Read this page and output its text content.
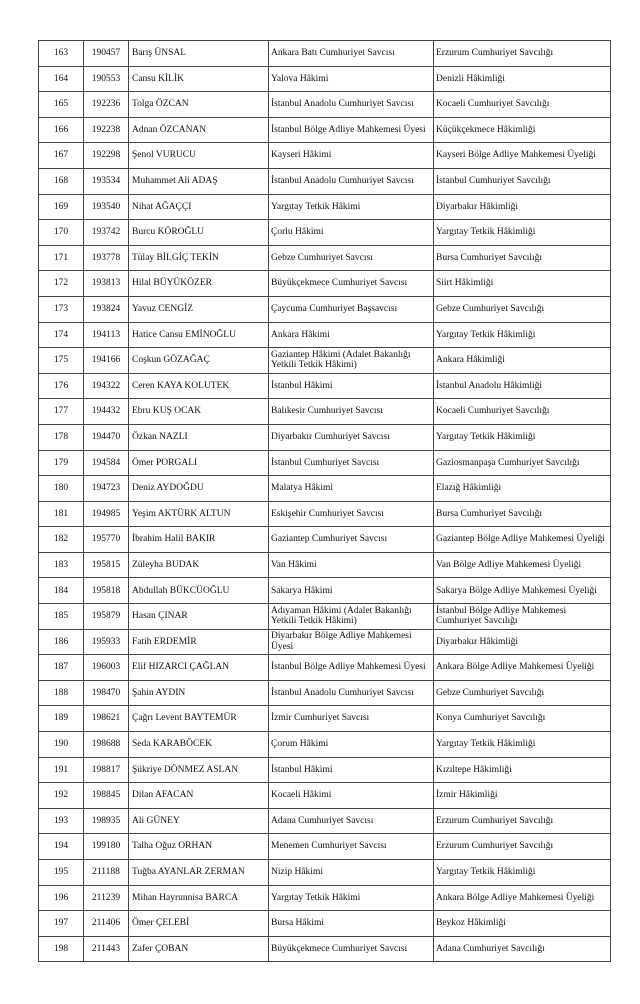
163	190457	Barış ÜNSAL	Ankara Batı Cumhuriyet Savcısı	Erzurum Cumhuriyet Savcılığı
164	190553	Cansu KİLİK	Yalova Hâkimi	Denizli Hâkimliği
165	192236	Tolga ÖZCAN	İstanbul Anadolu Cumhuriyet Savcısı	Kocaeli Cumhuriyet Savcılığı
166	192238	Adnan ÖZCANAN	İstanbul Bölge Adliye Mahkemesi Üyesi	Küçükçekmece Hâkimliği
167	192298	Şenol VURUCU	Kayseri Hâkimi	Kayseri Bölge Adliye Mahkemesi Üyeliği
168	193534	Muhammet Ali ADAŞ	İstanbul Anadolu Cumhuriyet Savcısı	İstanbul Cumhuriyet Savcılığı
169	193540	Nihat AĞAÇÇI	Yargıtay Tetkik Hâkimi	Diyarbakır Hâkimliği
170	193742	Burcu KÖROĞLU	Çorlu Hâkimi	Yargıtay Tetkik Hâkimliği
171	193778	Tülay BİLGİÇ TEKİN	Gebze Cumhuriyet Savcısı	Bursa Cumhuriyet Savcılığı
172	193813	Hilal BÜYÜKÖZER	Büyükçekmece Cumhuriyet Savcısı	Siirt Hâkimliği
173	193824	Yavuz CENGİZ	Çaycuma Cumhuriyet Başsavcısı	Gebze Cumhuriyet Savcılığı
174	194113	Hatice Cansu EMİNOĞLU	Ankara Hâkimi	Yargıtay Tetkik Hâkimliği
175	194166	Coşkun GÖZAĞAÇ	Gaziantep Hâkimi (Adalet Bakanlığı Yetkili Tetkik Hâkimi)	Ankara Hâkimliği
176	194322	Ceren KAYA KOLUTEK	İstanbul Hâkimi	İstanbul Anadolu Hâkimliği
177	194432	Ebru KUŞ OCAK	Balıkesir Cumhuriyet Savcısı	Kocaeli Cumhuriyet Savcılığı
178	194470	Özkan NAZLI	Diyarbakır Cumhuriyet Savcısı	Yargıtay Tetkik Hâkimliği
179	194584	Ömer PORGALI	İstanbul Cumhuriyet Savcısı	Gaziosmanpaşa Cumhuriyet Savcılığı
180	194723	Deniz AYDOĞDU	Malatya Hâkimi	Elazığ Hâkimliği
181	194985	Yeşim AKTÜRK ALTUN	Eskişehir Cumhuriyet Savcısı	Bursa Cumhuriyet Savcılığı
182	195770	İbrahim Halil BAKIR	Gaziantep Cumhuriyet Savcısı	Gaziantep Bölge Adliye Mahkemesi Üyeliği
183	195815	Züleyha BUDAK	Van Hâkimi	Van Bölge Adliye Mahkemesi Üyeliği
184	195818	Abdullah BÜKCÜOĞLU	Sakarya Hâkimi	Sakarya Bölge Adliye Mahkemesi Üyeliği
185	195879	Hasan ÇINAR	Adıyaman Hâkimi (Adalet Bakanlığı Yetkili Tetkik Hâkimi)	İstanbul Bölge Adliye Mahkemesi Cumhuriyet Savcılığı
186	195933	Fatih ERDEMİR	Diyarbakır Bölge Adliye Mahkemesi Üyesi	Diyarbakır Hâkimliği
187	196003	Elif HIZARCI ÇAĞLAN	İstanbul Bölge Adliye Mahkemesi Üyesi	Ankara Bölge Adliye Mahkemesi Üyeliği
188	198470	Şahin AYDIN	İstanbul Anadolu Cumhuriyet Savcısı	Gebze Cumhuriyet Savcılığı
189	198621	Çağrı Levent BAYTEMÜR	İzmir Cumhuriyet Savcısı	Konya Cumhuriyet Savcılığı
190	198688	Seda KARABÖCEK	Çorum Hâkimi	Yargıtay Tetkik Hâkimliği
191	198817	Şükriye DÖNMEZ ASLAN	İstanbul Hâkimi	Kızıltepe Hâkimliği
192	198845	Dilan AFACAN	Kocaeli Hâkimi	İzmir Hâkimliği
193	198935	Ali GÜNEY	Adana Cumhuriyet Savcısı	Erzurum Cumhuriyet Savcılığı
194	199180	Talha Oğuz ORHAN	Menemen Cumhuriyet Savcısı	Erzurum Cumhuriyet Savcılığı
195	211188	Tuğba AYANLAR ZERMAN	Nizip Hâkimi	Yargıtay Tetkik Hâkimliği
196	211239	Mihan Hayrunnisa BARCA	Yargıtay Tetkik Hâkimi	Ankara Bölge Adliye Mahkemesi Üyeliği
197	211406	Ömer ÇELEBİ	Bursa Hâkimi	Beykoz Hâkimliği
198	211443	Zafer ÇOBAN	Büyükçekmece Cumhuriyet Savcısı	Adana Cumhuriyet Savcılığı
